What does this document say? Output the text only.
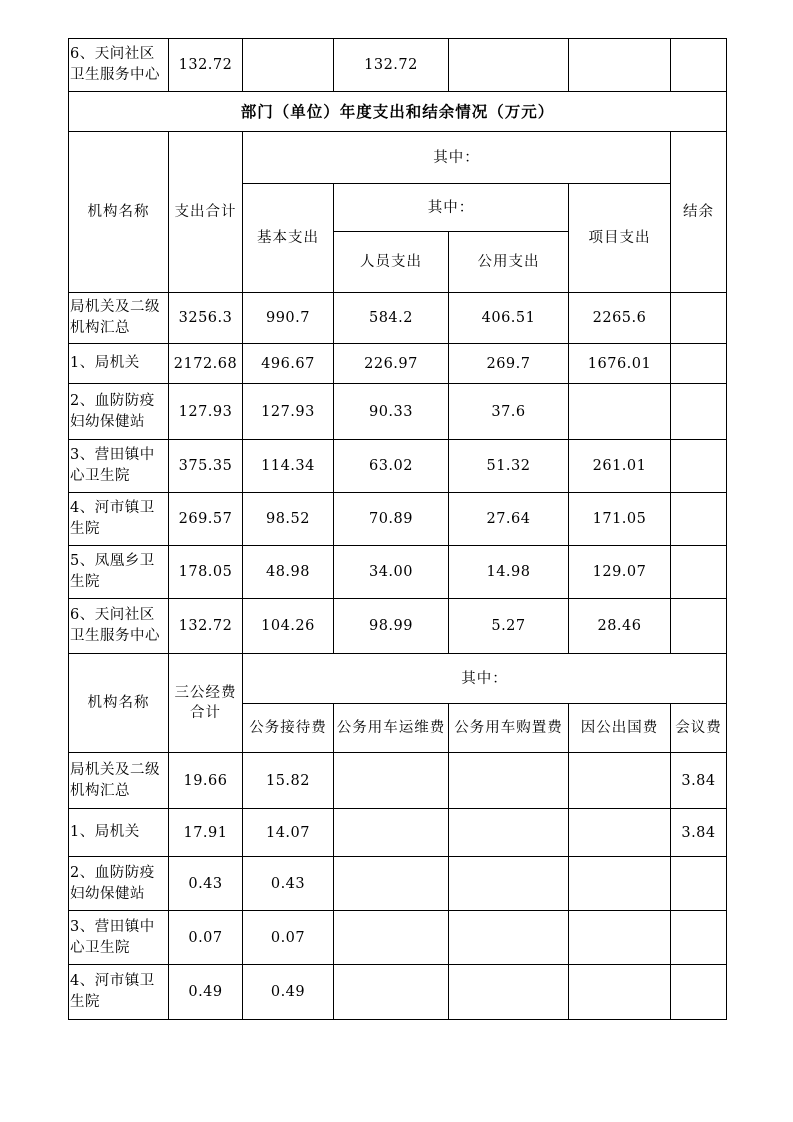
6、天问社区卫生服务中心	132.72		132.72			
部门（单位）年度支出和结余情况（万元）						
机构名称	支出合计	其中：				结余
		基本支出	其中：		项目支出	
			人员支出	公用支出		

局机关及二级机构汇总	3256.3	990.7	584.2	406.51	2265.6	
1、局机关	2172.68	496.67	226.97	269.7	1676.01	
2、血防防疫妇幼保健站	127.93	127.93	90.33	37.6		
3、营田镇中心卫生院	375.35	114.34	63.02	51.32	261.01	
4、河市镇卫生院	269.57	98.52	70.89	27.64	171.05	
5、凤凰乡卫生院	178.05	48.98	34.00	14.98	129.07	
6、天问社区卫生服务中心	132.72	104.26	98.99	5.27	28.46	
机构名称	三公经费合计	其中：				
		公务接待费	公务用车运维费	公务用车购置费	因公出国费	会议费
局机关及二级机构汇总	19.66	15.82				3.84
1、局机关	17.91	14.07				3.84
2、血防防疫妇幼保健站	0.43	0.43				
3、营田镇中心卫生院	0.07	0.07				
4、河市镇卫生院	0.49	0.49				
